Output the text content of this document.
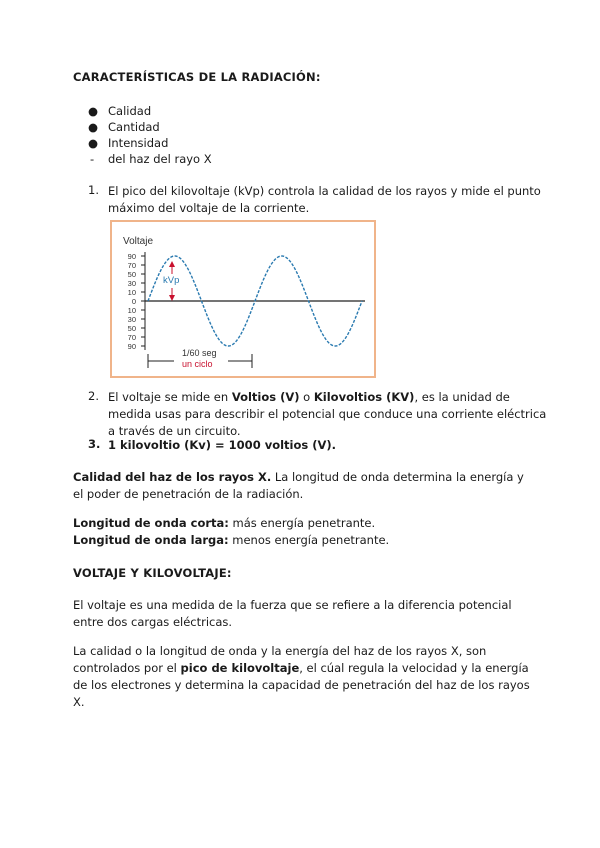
CARACTERÍSTICAS DE LA RADIACIÓN:
● Calidad
● Cantidad
● Intensidad
- del haz del rayo X
1. El pico del kilovoltaje (kVp) controla la calidad de los rayos y mide el punto máximo del voltaje de la corriente.
Voltaje
90
70
50
30
10
0
10
30
50
70
90
kVp
1/60 seg
un ciclo
2. El voltaje se mide en Voltios (V) o Kilovoltios (KV), es la unidad de medida usas para describir el potencial que conduce una corriente eléctrica a través de un circuito.
3. 1 kilovoltio (Kv) = 1000 voltios (V).
Calidad del haz de los rayos X. La longitud de onda determina la energía y el poder de penetración de la radiación.
Longitud de onda corta: más energía penetrante.
Longitud de onda larga: menos energía penetrante.
VOLTAJE Y KILOVOLTAJE:
El voltaje es una medida de la fuerza que se refiere a la diferencia potencial entre dos cargas eléctricas.
La calidad o la longitud de onda y la energía del haz de los rayos X, son controlados por el pico de kilovoltaje, el cúal regula la velocidad y la energía de los electrones y determina la capacidad de penetración del haz de los rayos X.
